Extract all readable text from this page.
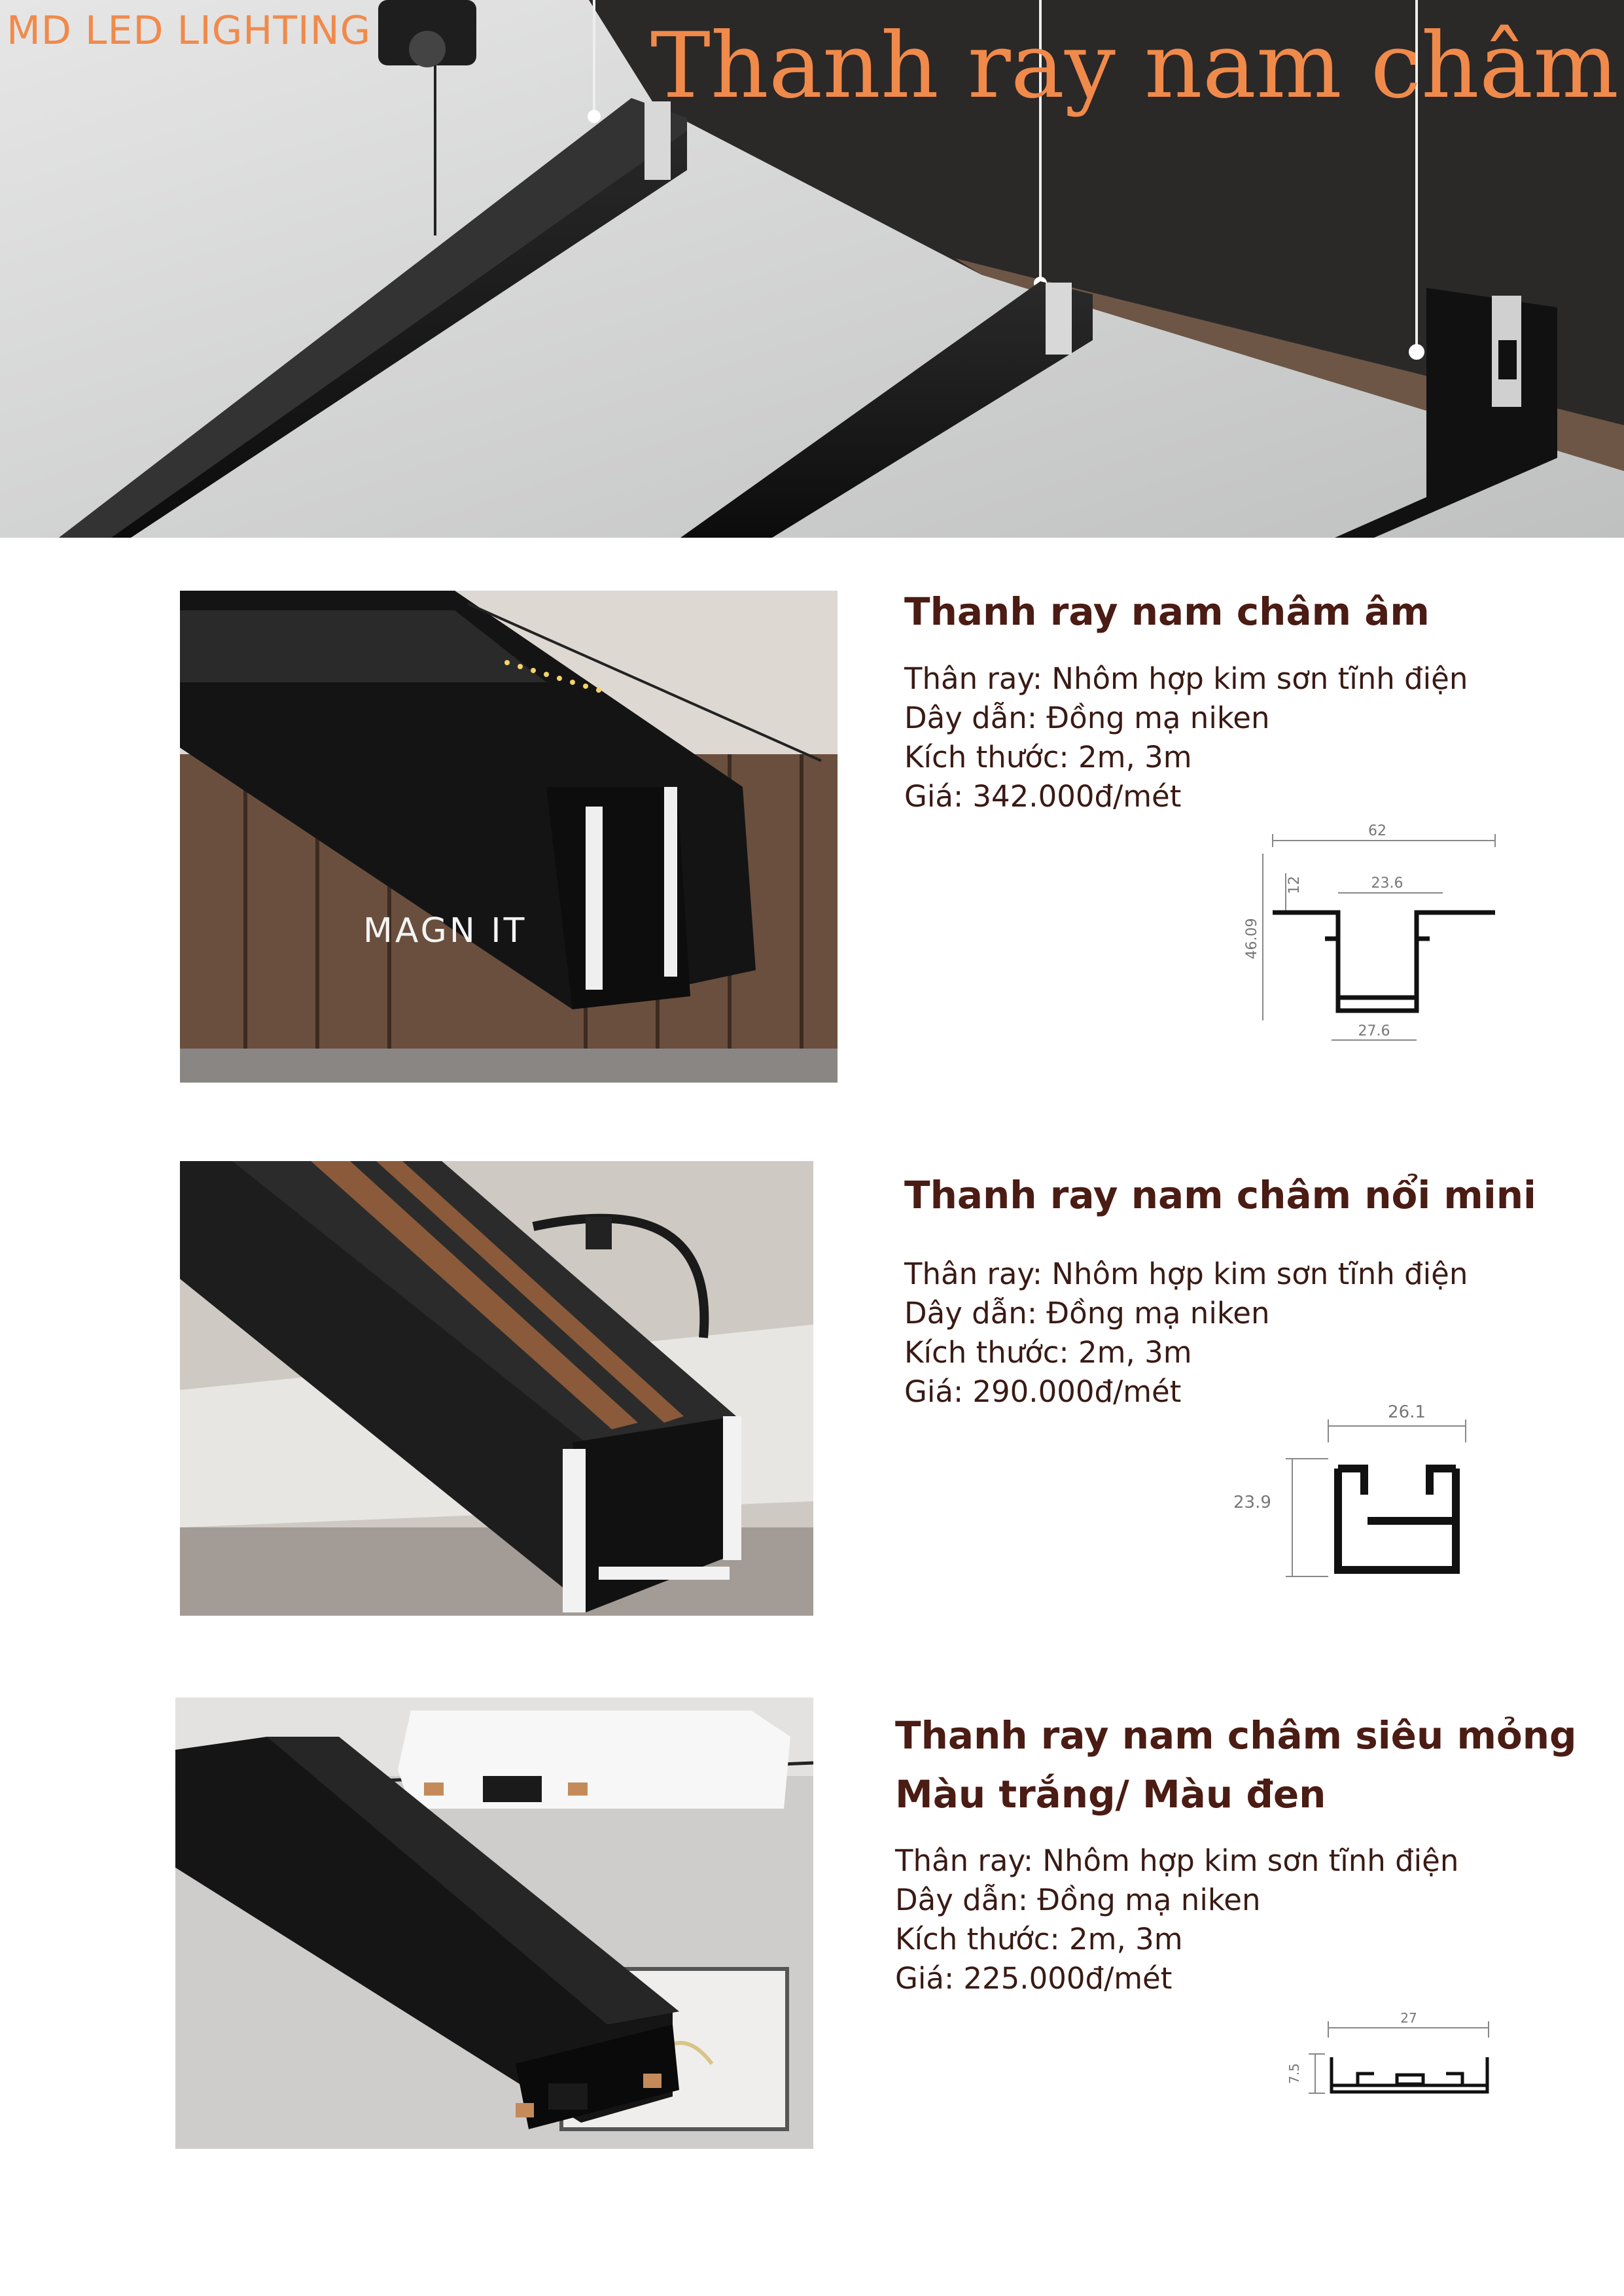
MD LED LIGHTING	Thanh ray nam châm
MAGN IT
Thanh ray nam châm âm
Thân ray: Nhôm hợp kim sơn tĩnh điện
Dây dẫn: Đồng mạ niken
Kích thước: 2m, 3m
Giá: 342.000đ/mét
62
23.6
12
46.09
27.6
Thanh ray nam châm nổi mini
Thân ray: Nhôm hợp kim sơn tĩnh điện
Dây dẫn: Đồng mạ niken
Kích thước: 2m, 3m
Giá: 290.000đ/mét
26.1
23.9
Thanh ray nam châm siêu mỏng
Màu trắng/ Màu đen
Thân ray: Nhôm hợp kim sơn tĩnh điện
Dây dẫn: Đồng mạ niken
Kích thước: 2m, 3m
Giá: 225.000đ/mét
27
7.5
